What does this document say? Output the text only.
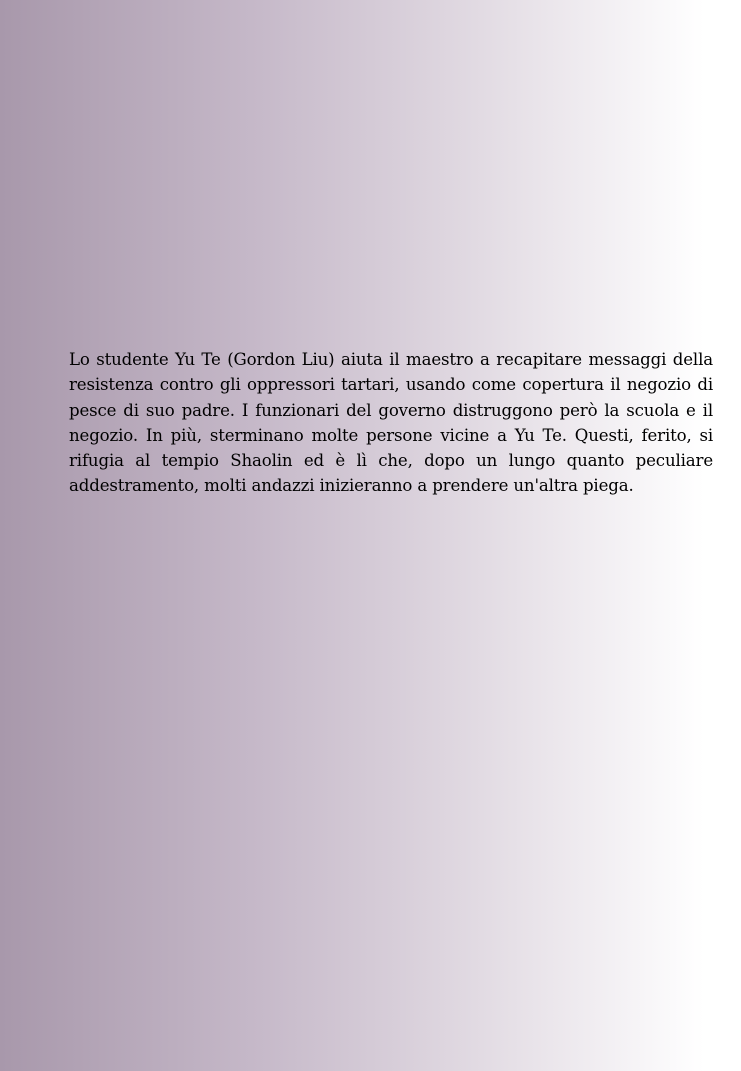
Lo studente Yu Te (Gordon Liu) aiuta il maestro a recapitare messaggi della resistenza contro gli oppressori tartari, usando come copertura il negozio di pesce di suo padre. I funzionari del governo distruggono però la scuola e il negozio. In più, sterminano molte persone vicine a Yu Te. Questi, ferito, si rifugia al tempio Shaolin ed è lì che, dopo un lungo quanto peculiare addestramento, molti andazzi inizieranno a prendere un'altra piega.
